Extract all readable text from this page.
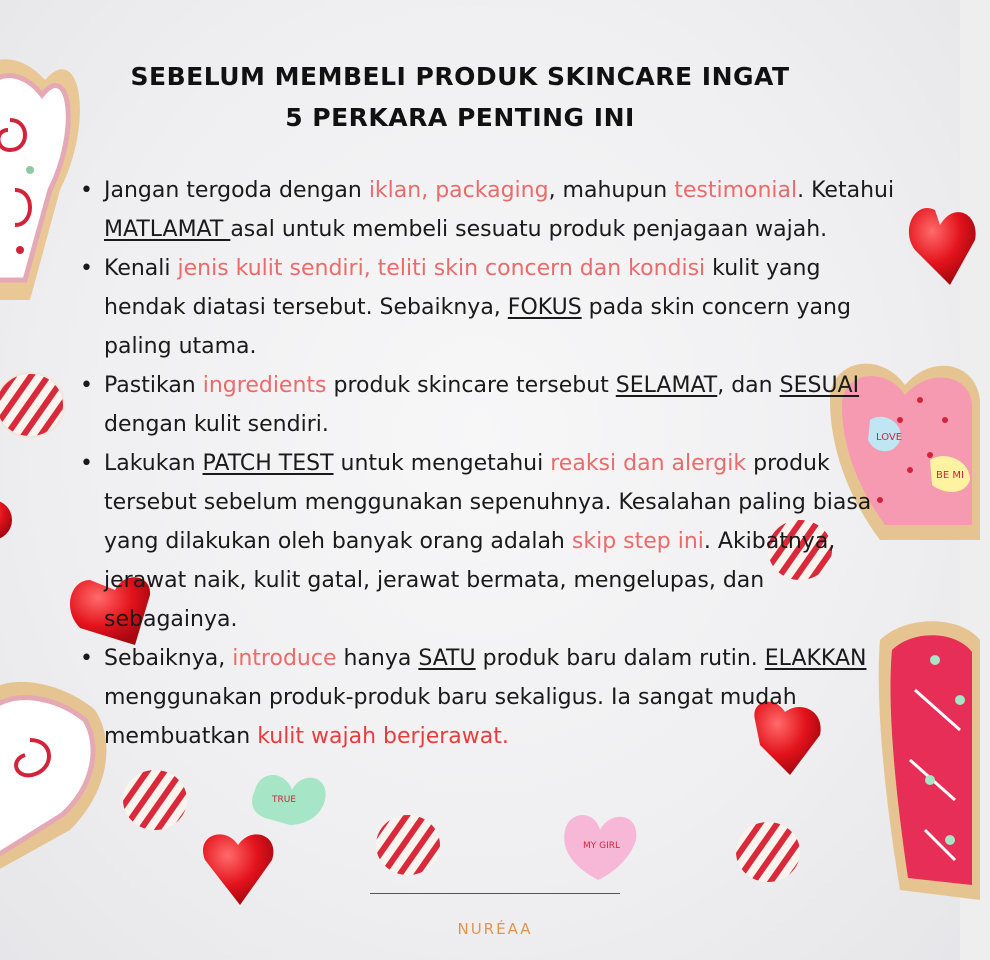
LOVE
BE MI
TRUE
MY GIRL
SEBELUM MEMBELI PRODUK SKINCARE INGAT
5 PERKARA PENTING INI
• Jangan tergoda dengan iklan, packaging, mahupun testimonial. Ketahui MATLAMAT asal untuk membeli sesuatu produk penjagaan wajah.
• Kenali jenis kulit sendiri, teliti skin concern dan kondisi kulit yang hendak diatasi tersebut. Sebaiknya, FOKUS pada skin concern yang paling utama.
• Pastikan ingredients produk skincare tersebut SELAMAT, dan SESUAI dengan kulit sendiri.
• Lakukan PATCH TEST untuk mengetahui reaksi dan alergik produk tersebut sebelum menggunakan sepenuhnya. Kesalahan paling biasa yang dilakukan oleh banyak orang adalah skip step ini. Akibatnya, jerawat naik, kulit gatal, jerawat bermata, mengelupas, dan sebagainya.
• Sebaiknya, introduce hanya SATU produk baru dalam rutin. ELAKKAN menggunakan produk-produk baru sekaligus. Ia sangat mudah membuatkan kulit wajah berjerawat.
NURÉAA
